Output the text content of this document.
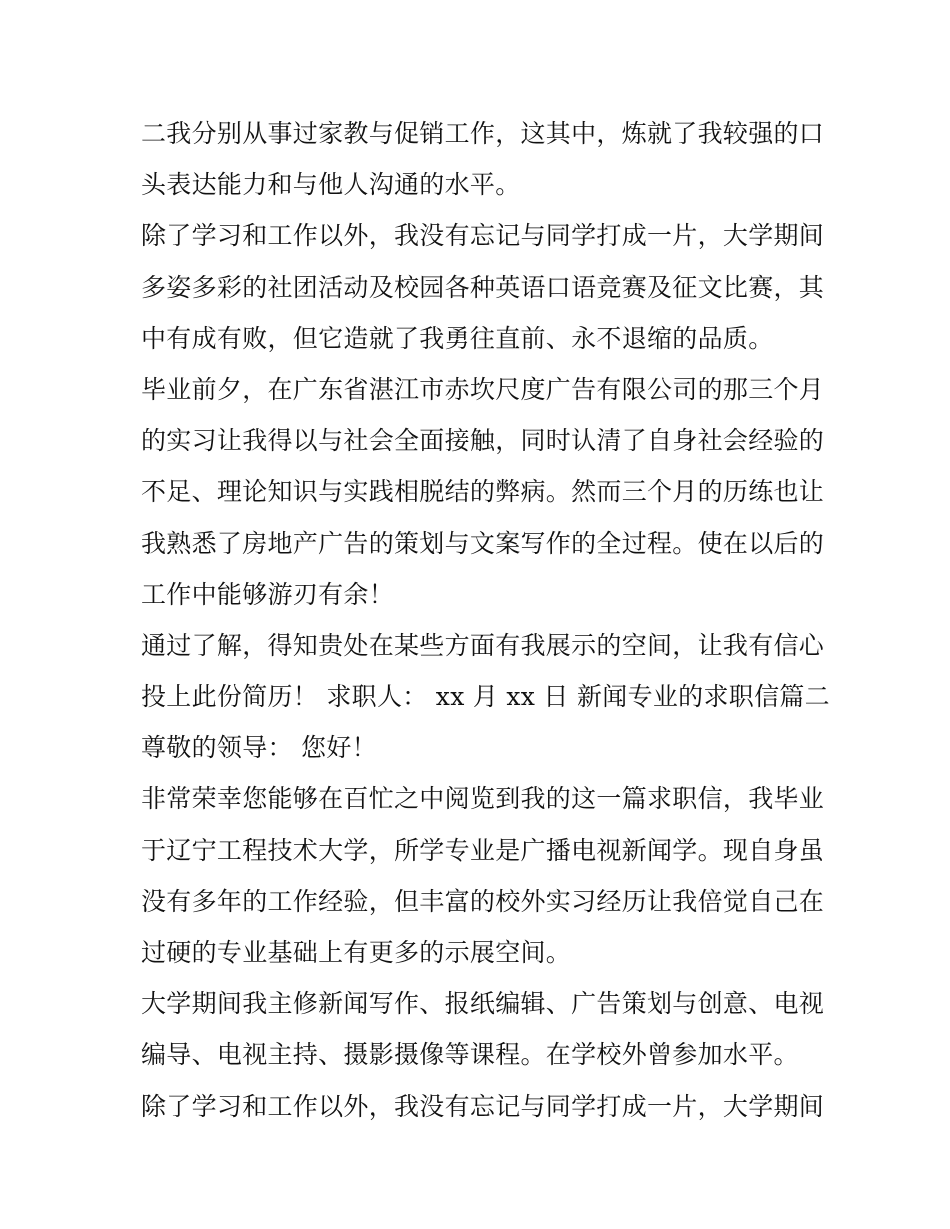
二我分别从事过家教与促销工作，这其中，炼就了我较强的口
头表达能力和与他人沟通的水平。
除了学习和工作以外，我没有忘记与同学打成一片，大学期间
多姿多彩的社团活动及校园各种英语口语竞赛及征文比赛，其
中有成有败，但它造就了我勇往直前、永不退缩的品质。
毕业前夕，在广东省湛江市赤坎尺度广告有限公司的那三个月
的实习让我得以与社会全面接触，同时认清了自身社会经验的
不足、理论知识与实践相脱结的弊病。然而三个月的历练也让
我熟悉了房地产广告的策划与文案写作的全过程。使在以后的
工作中能够游刃有余！
通过了解，得知贵处在某些方面有我展示的空间，让我有信心
投上此份简历！ 求职人： xx 月 xx 日 新闻专业的求职信篇二
尊敬的领导： 您好！
非常荣幸您能够在百忙之中阅览到我的这一篇求职信，我毕业
于辽宁工程技术大学，所学专业是广播电视新闻学。现自身虽
没有多年的工作经验，但丰富的校外实习经历让我倍觉自己在
过硬的专业基础上有更多的示展空间。
大学期间我主修新闻写作、报纸编辑、广告策划与创意、电视
编导、电视主持、摄影摄像等课程。在学校外曾参加水平。
除了学习和工作以外，我没有忘记与同学打成一片，大学期间
